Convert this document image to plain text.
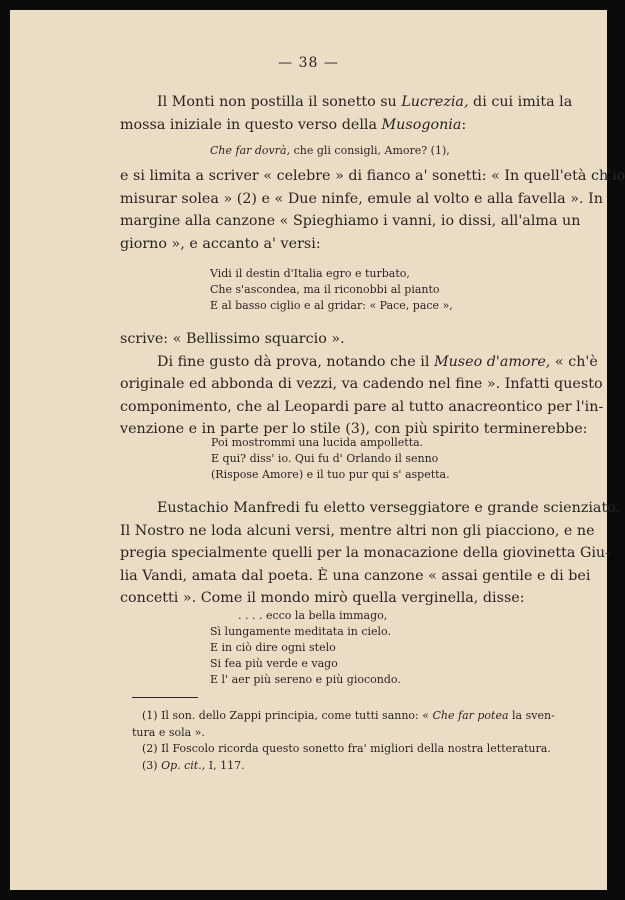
— 38 —
Il Monti non postilla il sonetto su Lucrezia, di cui imita la
mossa iniziale in questo verso della Musogonia:
Che far dovrà, che gli consigli, Amore? (1),
e si limita a scriver « celebre » di fianco a' sonetti: « In quell'età ch'io
misurar solea » (2) e « Due ninfe, emule al volto e alla favella ». In
margine alla canzone « Spieghiamo i vanni, io dissi, all'alma un
giorno », e accanto a' versi:
Vidi il destin d'Italia egro e turbato,
Che s'ascondea, ma il riconobbi al pianto
E al basso ciglio e al gridar: « Pace, pace »,
scrive: « Bellissimo squarcio ».
Di fine gusto dà prova, notando che il Museo d'amore, « ch'è
originale ed abbonda di vezzi, va cadendo nel fine ». Infatti questo
componimento, che al Leopardi pare al tutto anacreontico per l'in-
venzione e in parte per lo stile (3), con più spirito terminerebbe:
Poi mostrommi una lucida ampolletta.
E qui? diss' io. Qui fu d' Orlando il senno
(Rispose Amore) e il tuo pur qui s' aspetta.
Eustachio Manfredi fu eletto verseggiatore e grande scienziato.
Il Nostro ne loda alcuni versi, mentre altri non gli piacciono, e ne
pregia specialmente quelli per la monacazione della giovinetta Giu-
lia Vandi, amata dal poeta. È una canzone « assai gentile e di bei
concetti ». Come il mondo mirò quella verginella, disse:
. . . . ecco la bella immago,
Sì lungamente meditata in cielo.
E in ciò dire ogni stelo
Si fea più verde e vago
E l' aer più sereno e più giocondo.
(1) Il son. dello Zappi principia, come tutti sanno: « Che far potea la sven-
tura e sola ».
(2) Il Foscolo ricorda questo sonetto fra' migliori della nostra letteratura.
(3) Op. cit., I, 117.
